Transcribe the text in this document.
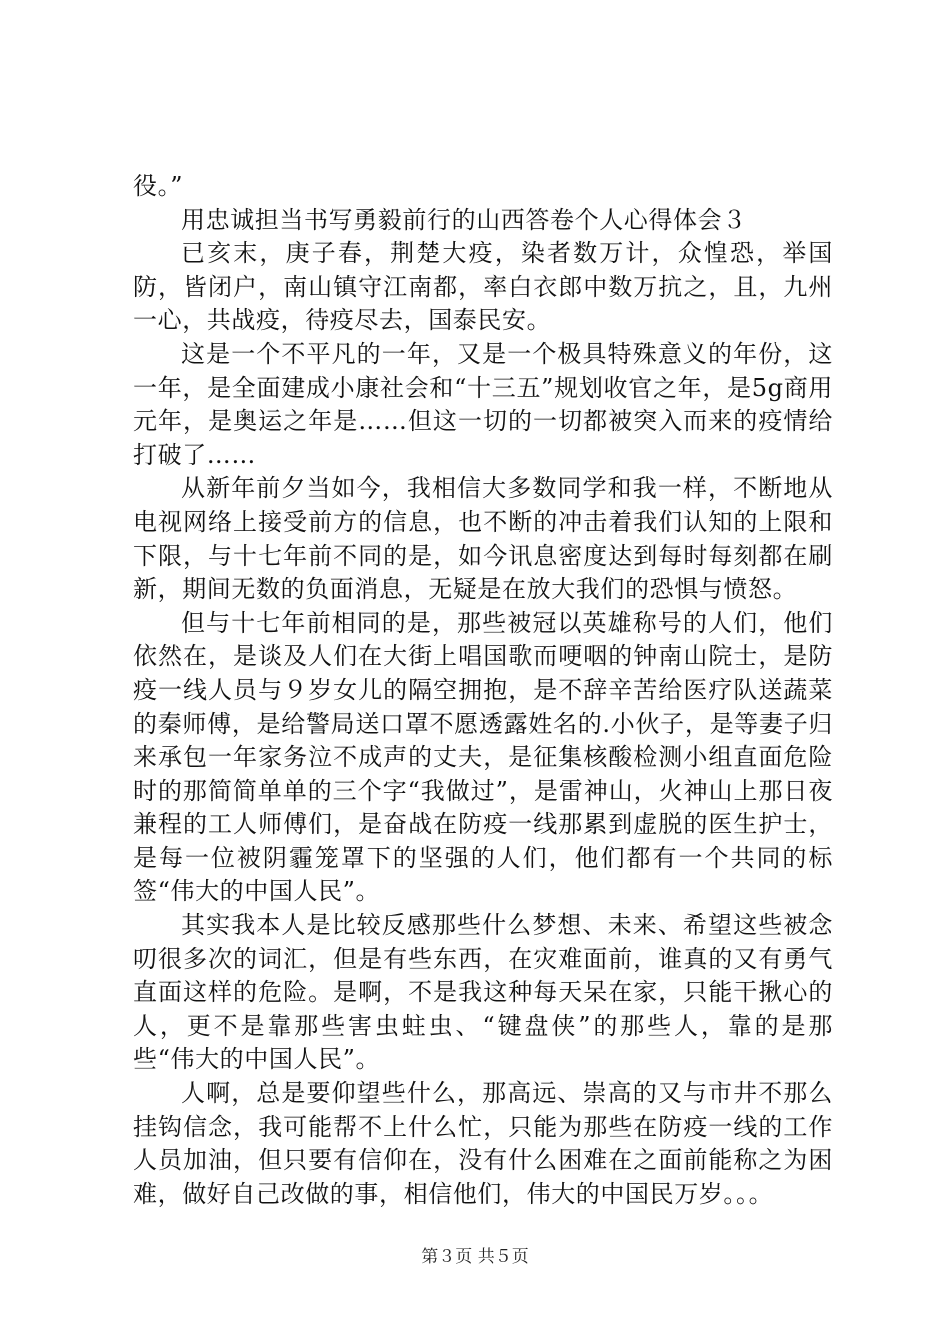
役。”

用忠诚担当书写勇毅前行的山西答卷个人心得体会３

已亥末，庚子春，荆楚大疫，染者数万计，众惶恐，举国防，皆闭户，南山镇守江南都，率白衣郎中数万抗之，且，九州一心，共战疫，待疫尽去，国泰民安。

这是一个不平凡的一年，又是一个极具特殊意义的年份，这一年，是全面建成小康社会和“十三五”规划收官之年，是5g商用元年，是奥运之年是……但这一切的一切都被突入而来的疫情给打破了……

从新年前夕当如今，我相信大多数同学和我一样，不断地从电视网络上接受前方的信息，也不断的冲击着我们认知的上限和下限，与十七年前不同的是，如今讯息密度达到每时每刻都在刷新，期间无数的负面消息，无疑是在放大我们的恐惧与愤怒。

但与十七年前相同的是，那些被冠以英雄称号的人们，他们依然在，是谈及人们在大街上唱国歌而哽咽的钟南山院士，是防疫一线人员与９岁女儿的隔空拥抱，是不辞辛苦给医疗队送蔬菜的秦师傅，是给警局送口罩不愿透露姓名的.小伙子，是等妻子归来承包一年家务泣不成声的丈夫，是征集核酸检测小组直面危险时的那简简单单的三个字“我做过”，是雷神山，火神山上那日夜兼程的工人师傅们，是奋战在防疫一线那累到虚脱的医生护士，是每一位被阴霾笼罩下的坚强的人们，他们都有一个共同的标签“伟大的中国人民”。

其实我本人是比较反感那些什么梦想、未来、希望这些被念叨很多次的词汇，但是有些东西，在灾难面前，谁真的又有勇气直面这样的危险。是啊，不是我这种每天呆在家，只能干揪心的人，更不是靠那些害虫蛀虫、“键盘侠”的那些人，靠的是那些“伟大的中国人民”。

人啊，总是要仰望些什么，那高远、崇高的又与市井不那么挂钩信念，我可能帮不上什么忙，只能为那些在防疫一线的工作人员加油，但只要有信仰在，没有什么困难在之面前能称之为困难，做好自己改做的事，相信他们，伟大的中国民万岁。。。

第３页 共５页
